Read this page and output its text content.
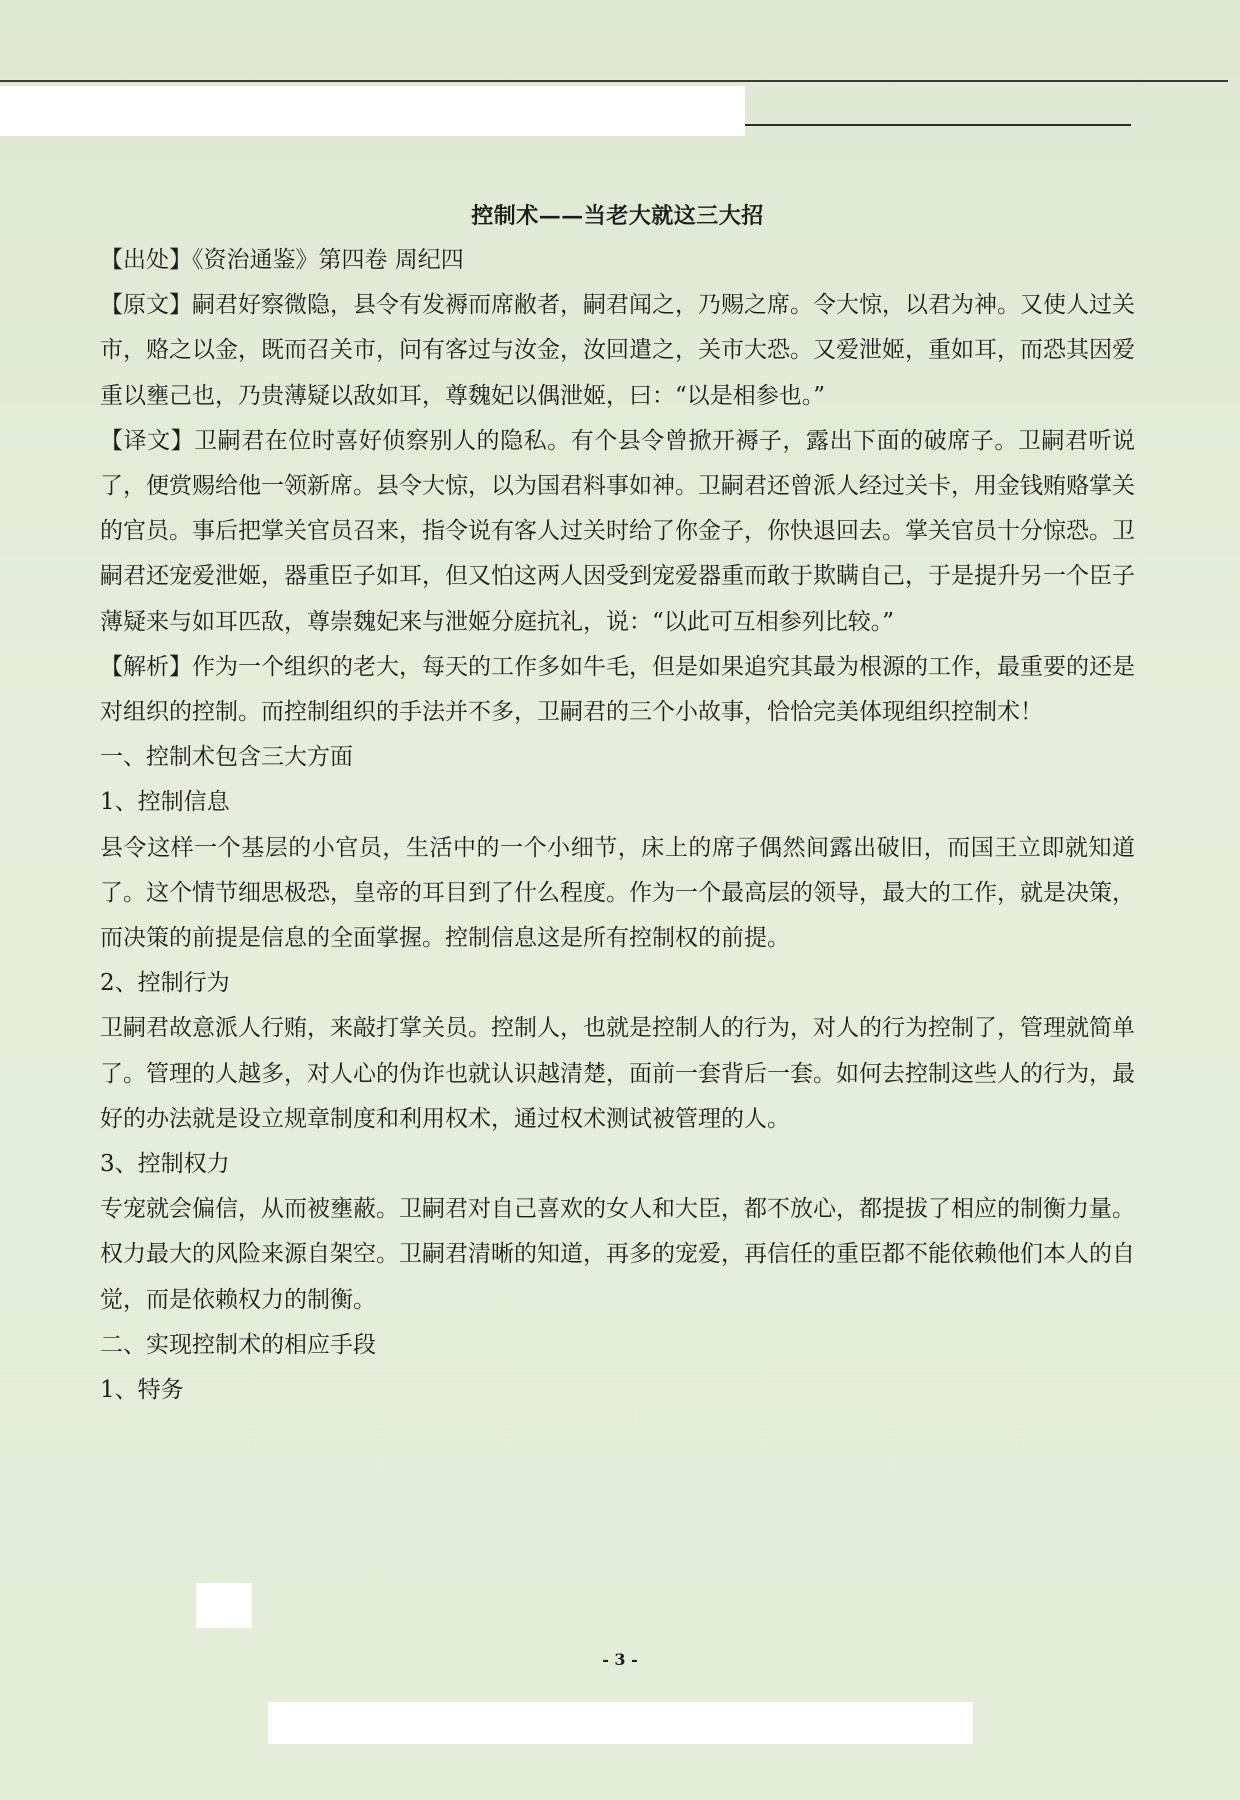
控制术——当老大就这三大招

【出处】《资治通鉴》第四卷 周纪四

【原文】嗣君好察微隐，县令有发褥而席敝者，嗣君闻之，乃赐之席。令大惊，以君为神。又使人过关市，赂之以金，既而召关市，问有客过与汝金，汝回遣之，关市大恐。又爱泄姬，重如耳，而恐其因爱重以壅己也，乃贵薄疑以敌如耳，尊魏妃以偶泄姬，曰：“以是相参也。”

【译文】卫嗣君在位时喜好侦察别人的隐私。有个县令曾掀开褥子，露出下面的破席子。卫嗣君听说了，便赏赐给他一领新席。县令大惊，以为国君料事如神。卫嗣君还曾派人经过关卡，用金钱贿赂掌关的官员。事后把掌关官员召来，指令说有客人过关时给了你金子，你快退回去。掌关官员十分惊恐。卫嗣君还宠爱泄姬，器重臣子如耳，但又怕这两人因受到宠爱器重而敢于欺瞒自己，于是提升另一个臣子薄疑来与如耳匹敌，尊崇魏妃来与泄姬分庭抗礼，说：“以此可互相参列比较。”

【解析】作为一个组织的老大，每天的工作多如牛毛，但是如果追究其最为根源的工作，最重要的还是对组织的控制。而控制组织的手法并不多，卫嗣君的三个小故事，恰恰完美体现组织控制术！

一、控制术包含三大方面

1、控制信息

县令这样一个基层的小官员，生活中的一个小细节，床上的席子偶然间露出破旧，而国王立即就知道了。这个情节细思极恐，皇帝的耳目到了什么程度。作为一个最高层的领导，最大的工作，就是决策，而决策的前提是信息的全面掌握。控制信息这是所有控制权的前提。

2、控制行为

卫嗣君故意派人行贿，来敲打掌关员。控制人，也就是控制人的行为，对人的行为控制了，管理就简单了。管理的人越多，对人心的伪诈也就认识越清楚，面前一套背后一套。如何去控制这些人的行为，最好的办法就是设立规章制度和利用权术，通过权术测试被管理的人。

3、控制权力

专宠就会偏信，从而被壅蔽。卫嗣君对自己喜欢的女人和大臣，都不放心，都提拔了相应的制衡力量。权力最大的风险来源自架空。卫嗣君清晰的知道，再多的宠爱，再信任的重臣都不能依赖他们本人的自觉，而是依赖权力的制衡。

二、实现控制术的相应手段

1、特务

- 3 -
